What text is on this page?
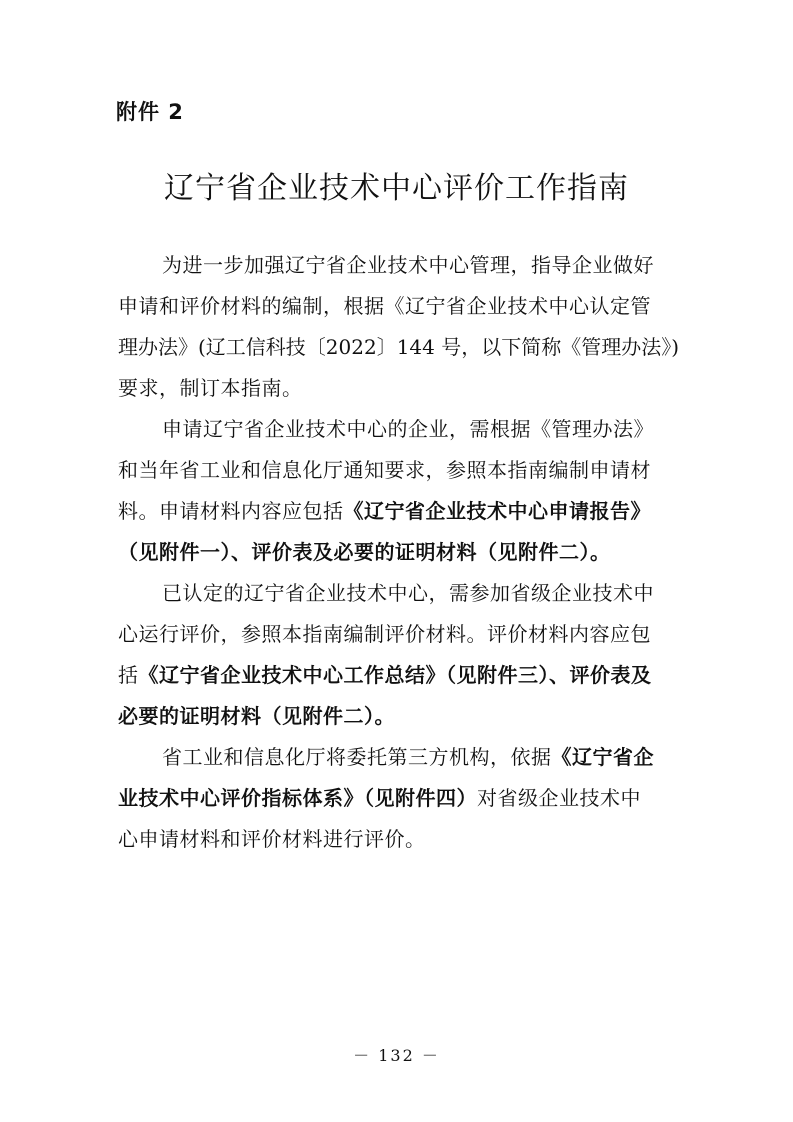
附件 2
辽宁省企业技术中心评价工作指南
为进一步加强辽宁省企业技术中心管理，指导企业做好
申请和评价材料的编制，根据《辽宁省企业技术中心认定管
理办法》(辽工信科技〔2022〕144 号，以下简称《管理办法》)
要求，制订本指南。
申请辽宁省企业技术中心的企业，需根据《管理办法》
和当年省工业和信息化厅通知要求，参照本指南编制申请材
料。申请材料内容应包括《辽宁省企业技术中心申请报告》
（见附件一）、评价表及必要的证明材料（见附件二）。
已认定的辽宁省企业技术中心，需参加省级企业技术中
心运行评价，参照本指南编制评价材料。评价材料内容应包
括《辽宁省企业技术中心工作总结》（见附件三）、评价表及
必要的证明材料（见附件二）。
省工业和信息化厅将委托第三方机构，依据《辽宁省企
业技术中心评价指标体系》（见附件四）对省级企业技术中
心申请材料和评价材料进行评价。
－ 132 －
